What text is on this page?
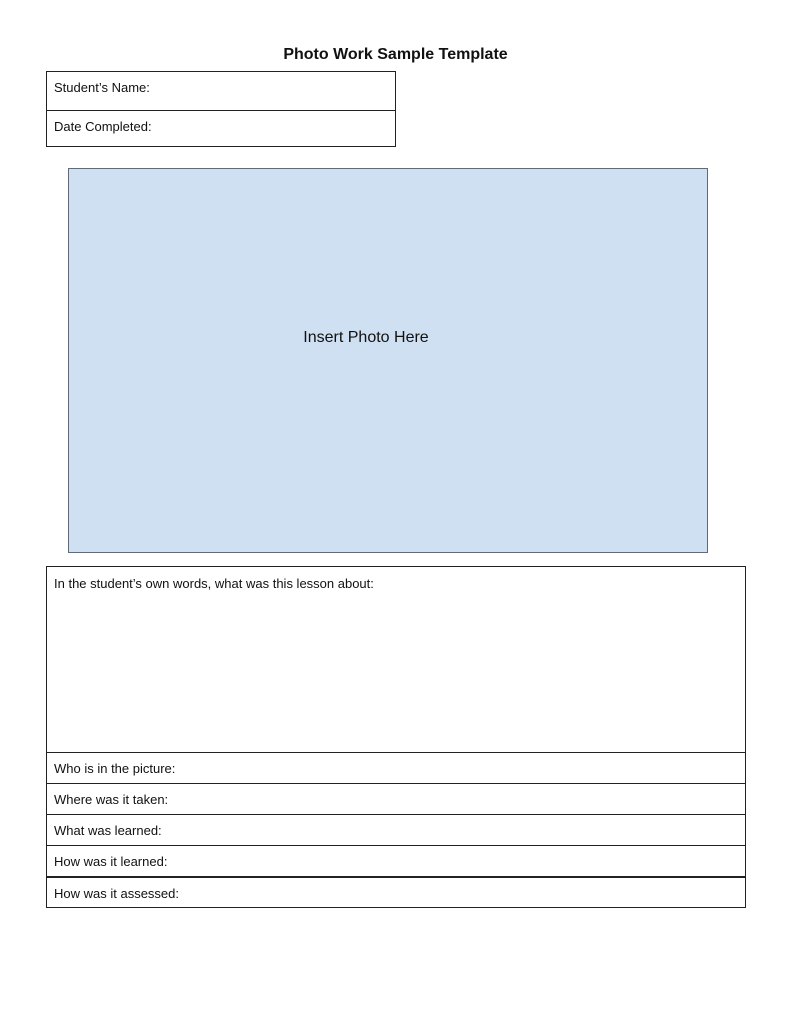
Photo Work Sample Template
Student’s Name:
Date Completed:
Insert Photo Here
In the student’s own words, what was this lesson about:
Who is in the picture:
Where was it taken:
What was learned:
How was it learned:
How was it assessed:
